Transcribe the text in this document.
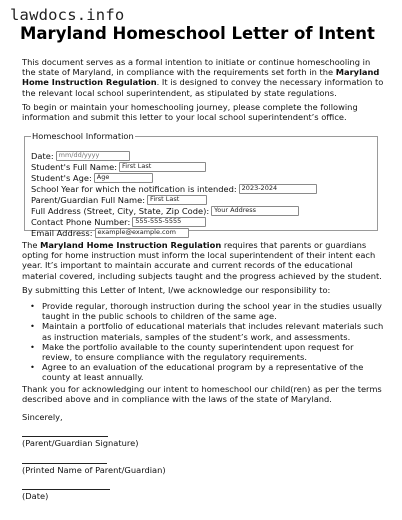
lawdocs.info
Maryland Homeschool Letter of Intent
This document serves as a formal intention to initiate or continue homeschooling in the state of Maryland, in compliance with the requirements set forth in the Maryland Home Instruction Regulation. It is designed to convey the necessary information to the relevant local school superintendent, as stipulated by state regulations.
To begin or maintain your homeschooling journey, please complete the following information and submit this letter to your local school superintendent’s office.
Homeschool Information
Date: mm/dd/yyyy
Student's Full Name: First Last
Student's Age: Age
School Year for which the notification is intended: 2023-2024
Parent/Guardian Full Name: First Last
Full Address (Street, City, State, Zip Code): Your Address
Contact Phone Number: 555-555-5555
Email Address: example@example.com
The Maryland Home Instruction Regulation requires that parents or guardians opting for home instruction must inform the local superintendent of their intent each year. It’s important to maintain accurate and current records of the educational material covered, including subjects taught and the progress achieved by the student.
By submitting this Letter of Intent, I/we acknowledge our responsibility to:
• Provide regular, thorough instruction during the school year in the studies usually taught in the public schools to children of the same age.
• Maintain a portfolio of educational materials that includes relevant materials such as instruction materials, samples of the student’s work, and assessments.
• Make the portfolio available to the county superintendent upon request for review, to ensure compliance with the regulatory requirements.
• Agree to an evaluation of the educational program by a representative of the county at least annually.
Thank you for acknowledging our intent to homeschool our child(ren) as per the terms described above and in compliance with the laws of the state of Maryland.
Sincerely,
(Parent/Guardian Signature)
(Printed Name of Parent/Guardian)
(Date)
